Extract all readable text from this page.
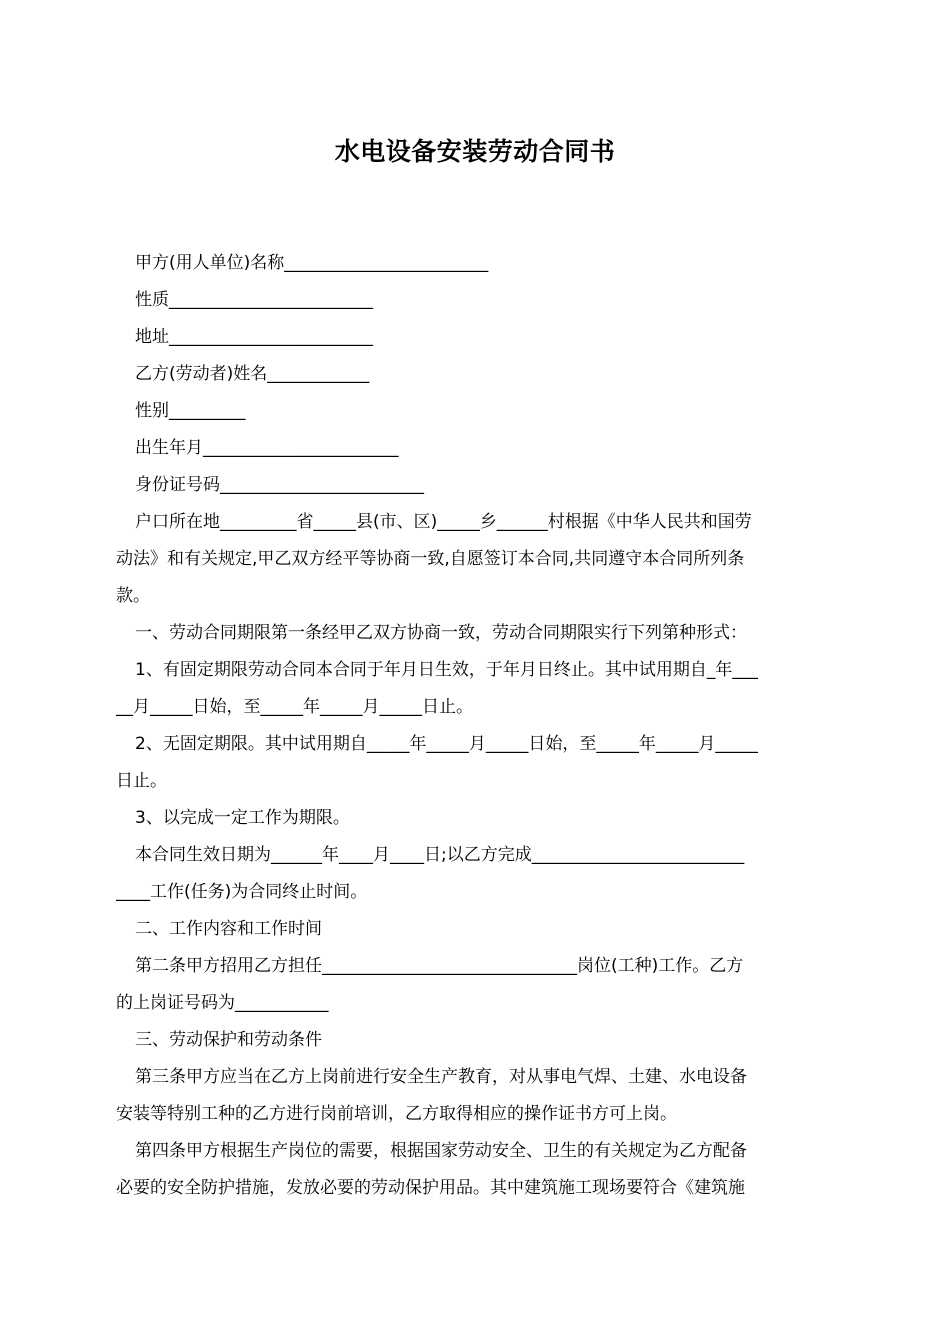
水电设备安装劳动合同书
甲方(用人单位)名称________________________
性质________________________
地址________________________
乙方(劳动者)姓名____________
性别_________
出生年月_______________________
身份证号码________________________
户口所在地_________省_____县(市、区)_____乡______村根据《中华人民共和国劳
动法》和有关规定,甲乙双方经平等协商一致,自愿签订本合同,共同遵守本合同所列条
款。
一、劳动合同期限第一条经甲乙双方协商一致，劳动合同期限实行下列第种形式：
1、有固定期限劳动合同本合同于年月日生效，于年月日终止。其中试用期自_年___
__月_____日始，至_____年_____月_____日止。
2、无固定期限。其中试用期自_____年_____月_____日始，至_____年_____月_____
日止。
3、以完成一定工作为期限。
本合同生效日期为______年____月____日;以乙方完成_________________________
____工作(任务)为合同终止时间。
二、工作内容和工作时间
第二条甲方招用乙方担任______________________________岗位(工种)工作。乙方
的上岗证号码为___________
三、劳动保护和劳动条件
第三条甲方应当在乙方上岗前进行安全生产教育，对从事电气焊、土建、水电设备
安装等特别工种的乙方进行岗前培训，乙方取得相应的操作证书方可上岗。
第四条甲方根据生产岗位的需要，根据国家劳动安全、卫生的有关规定为乙方配备
必要的安全防护措施，发放必要的劳动保护用品。其中建筑施工现场要符合《建筑施
